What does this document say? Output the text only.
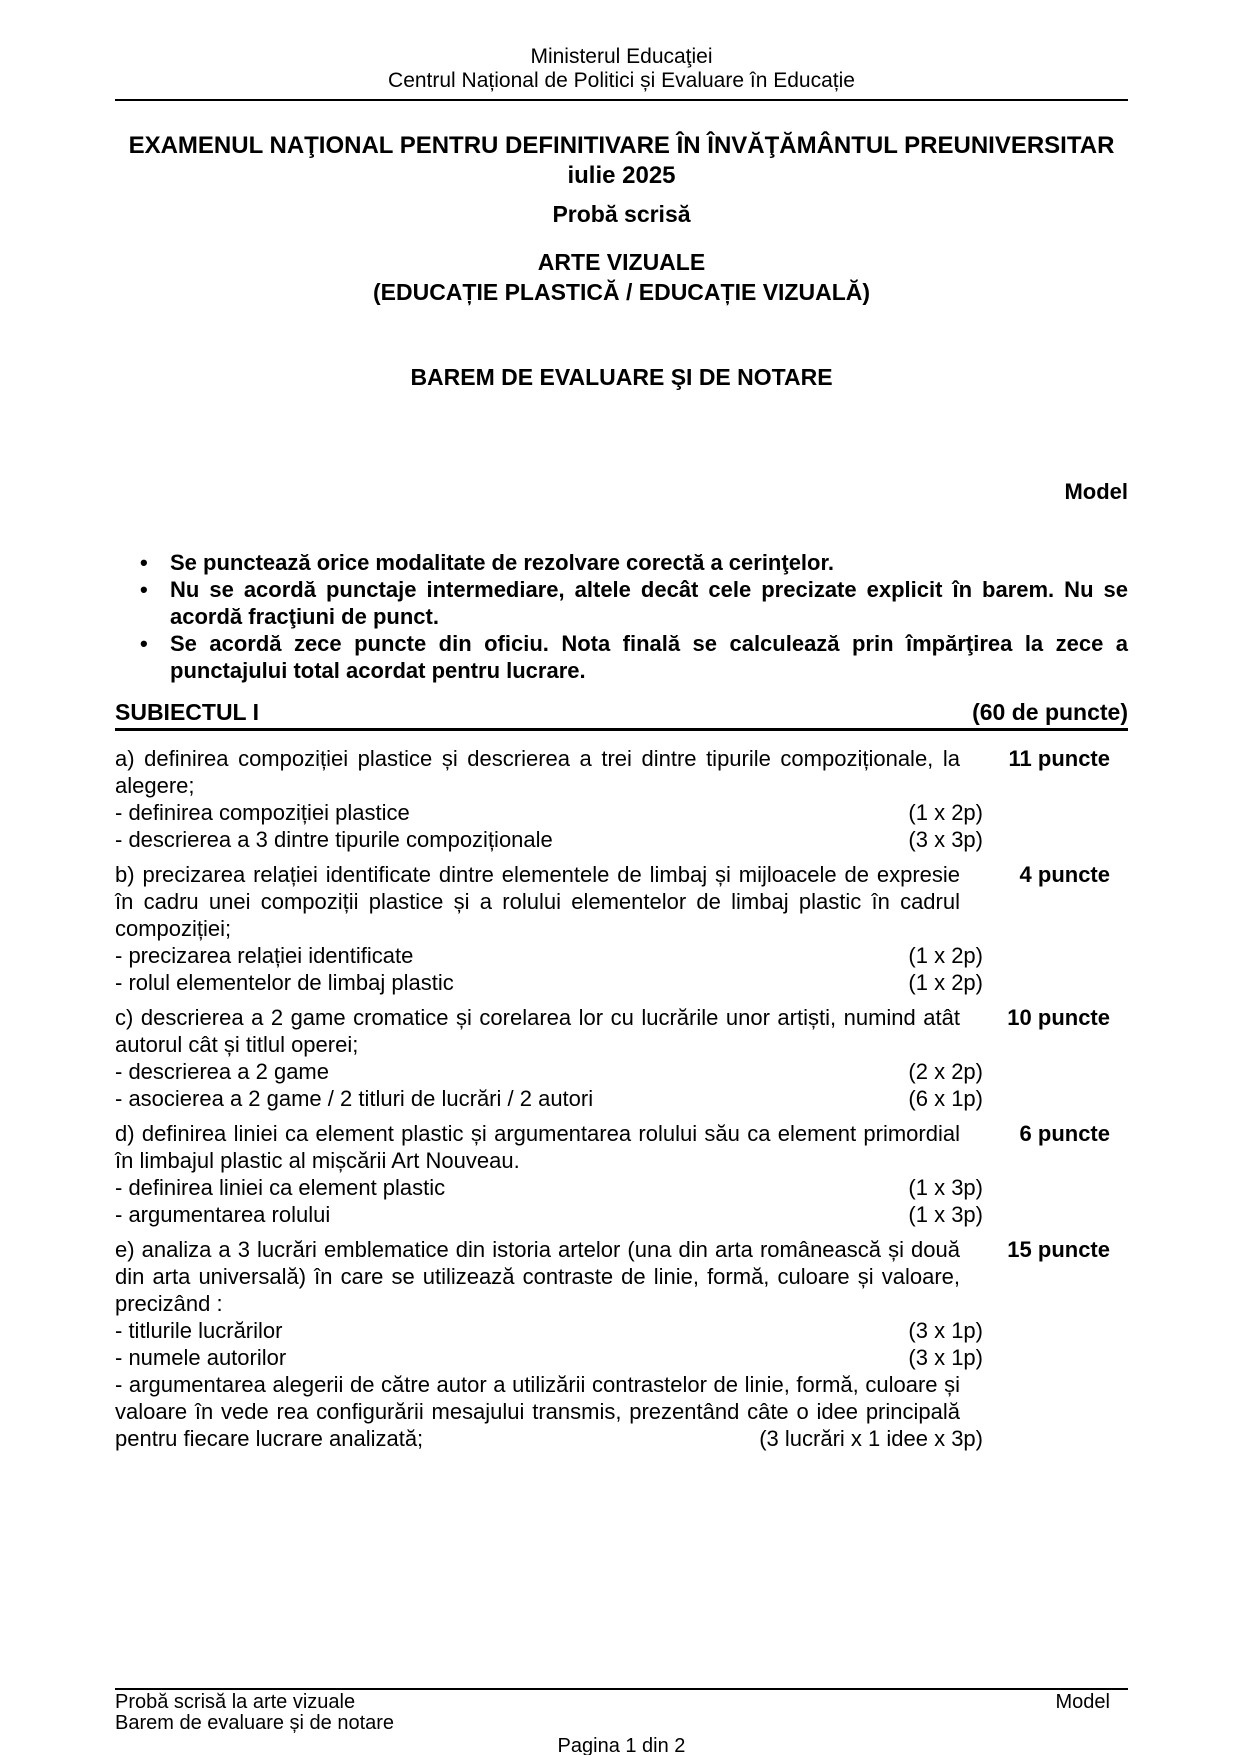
Ministerul Educaţiei
Centrul Național de Politici și Evaluare în Educație
EXAMENUL NAŢIONAL PENTRU DEFINITIVARE ÎN ÎNVĂŢĂMÂNTUL PREUNIVERSITAR
iulie 2025
Probă scrisă
ARTE VIZUALE
(EDUCAȚIE PLASTICĂ / EDUCAȚIE VIZUALĂ)
BAREM DE EVALUARE ŞI DE NOTARE
Model
•	Se punctează orice modalitate de rezolvare corectă a cerinţelor.

•	Nu se acordă punctaje intermediare, altele decât cele precizate explicit în barem. Nu se acordă fracţiuni de punct.

•	Se acordă zece puncte din oficiu. Nota finală se calculează prin împărţirea la zece a punctajului total acordat pentru lucrare.

SUBIECTUL I	(60 de puncte)

a) definirea compoziției plastice și descrierea a trei dintre tipurile compoziționale, la alegere;

11 puncte
- definirea compoziției plastice	(1 x 2p)
- descrierea a 3 dintre tipurile compoziționale	(3 x 3p)

b) precizarea relației identificate dintre elementele de limbaj și mijloacele de expresie în cadru unei compoziții plastice și a rolului elementelor de limbaj plastic în cadrul compoziției;

4 puncte
- precizarea relației identificate	(1 x 2p)
- rolul elementelor de limbaj plastic	(1 x 2p)

c) descrierea a 2 game cromatice și corelarea lor cu lucrările unor artiști, numind atât autorul cât și titlul operei;

10 puncte
- descrierea a 2 game	(2 x 2p)
- asocierea a 2 game / 2 titluri de lucrări / 2 autori	(6 x 1p)

d) definirea liniei ca element plastic și argumentarea rolului său ca element primordial în limbajul plastic al mișcării Art Nouveau.

6 puncte
- definirea liniei ca element plastic	(1 x 3p)
- argumentarea rolului	(1 x 3p)

e) analiza a 3 lucrări emblematice din istoria artelor (una din arta românească și două din arta universală) în care se utilizează contraste de linie, formă, culoare și valoare, precizând :

15 puncte
- titlurile lucrărilor	(3 x 1p)
- numele autorilor	(3 x 1p)

- argumentarea alegerii de către autor a utilizării contrastelor de linie, formă, culoare și valoare în vede rea configurării mesajului transmis, prezentând câte o idee principală pentru fiecare lucrare analizată;	(3 lucrări x 1 idee x 3p)
Probă scrisă la arte vizuale	Model
Barem de evaluare și de notare
Pagina 1 din 2
